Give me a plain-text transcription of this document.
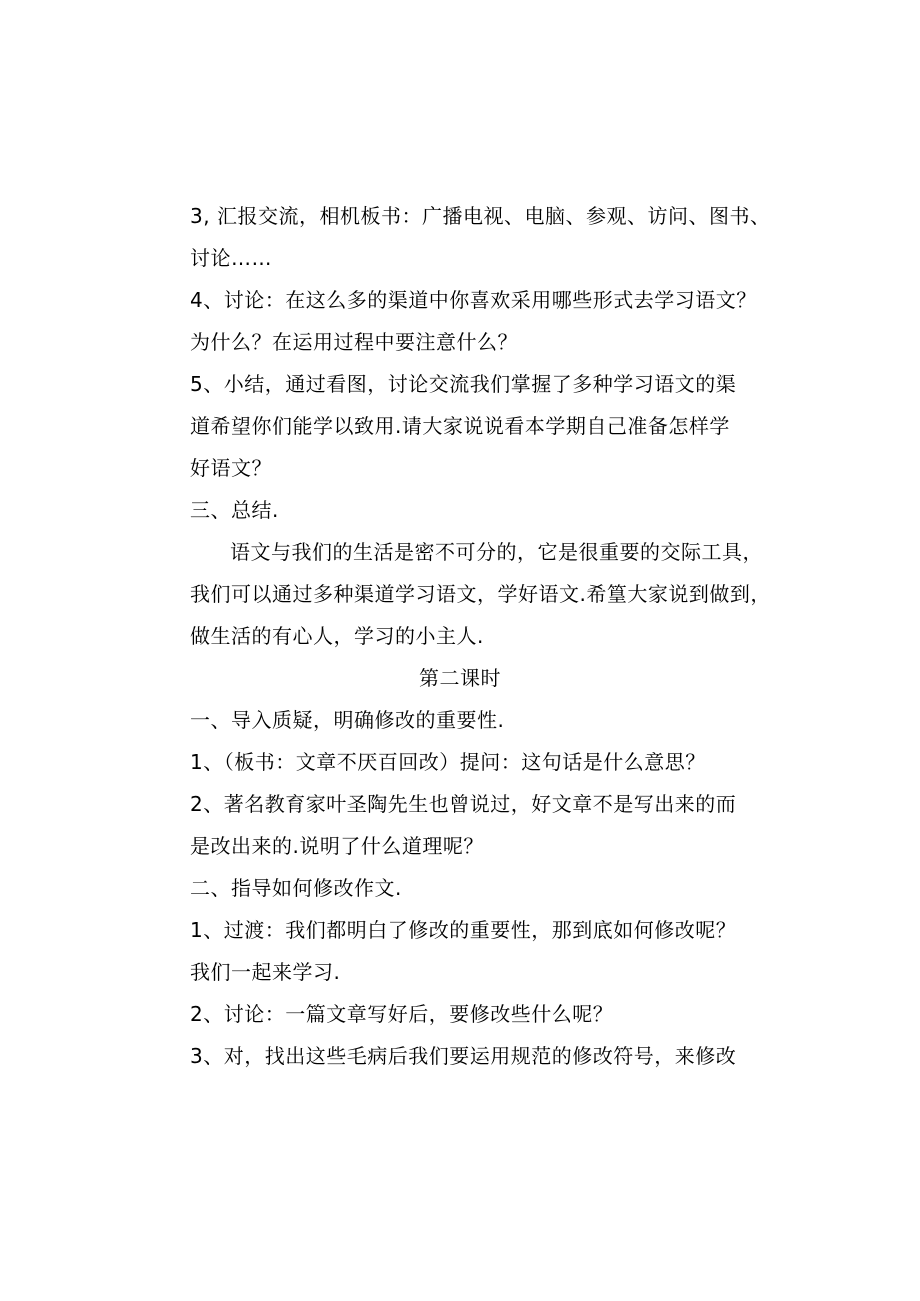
3, 汇报交流，相机板书：广播电视、电脑、参观、访问、图书、
讨论……
4、讨论：在这么多的渠道中你喜欢采用哪些形式去学习语文？
为什么？在运用过程中要注意什么？
5、小结，通过看图，讨论交流我们掌握了多种学习语文的渠
道希望你们能学以致用.请大家说说看本学期自己准备怎样学
好语文？
三、总结.
语文与我们的生活是密不可分的，它是很重要的交际工具，
我们可以通过多种渠道学习语文，学好语文.希篁大家说到做到，
做生活的有心人，学习的小主人.
第二课时
一、导入质疑，明确修改的重要性.
1、（板书：文章不厌百回改）提问：这句话是什么意思？
2、著名教育家叶圣陶先生也曾说过，好文章不是写出来的而
是改出来的.说明了什么道理呢？
二、指导如何修改作文.
1、过渡：我们都明白了修改的重要性，那到底如何修改呢？
我们一起来学习.
2、讨论：一篇文章写好后，要修改些什么呢？
3、对，找出这些毛病后我们要运用规范的修改符号，来修改
